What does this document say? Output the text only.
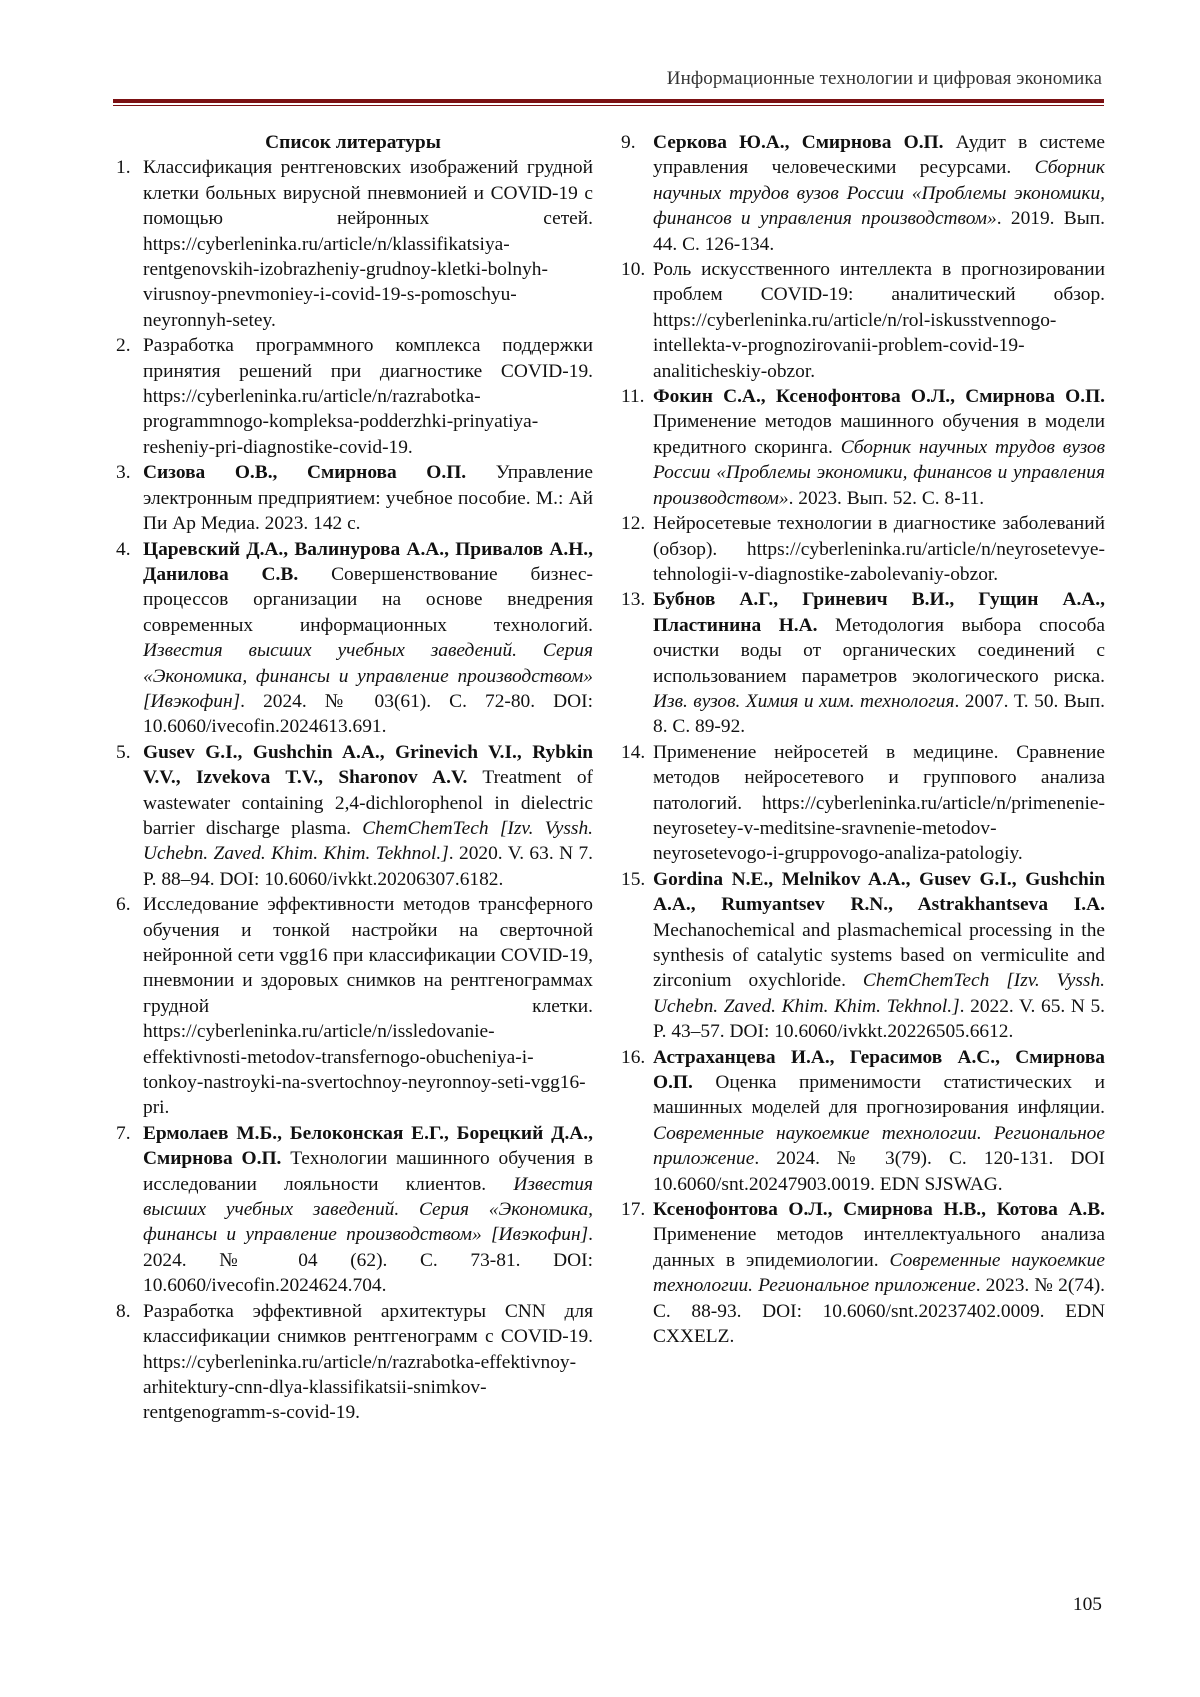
Информационные технологии и цифровая экономика
Список литературы
1. Классификация рентгеновских изображений грудной клетки больных вирусной пневмонией и COVID-19 с помощью нейронных сетей. https://cyberleninka.ru/article/n/klassifikatsiya-rentgenovskih-izobrazheniy-grudnoy-kletki-bolnyh-virusnoy-pnevmoniey-i-covid-19-s-pomoschyu-neyronnyh-setey.
2. Разработка программного комплекса поддержки принятия решений при диагностике COVID-19. https://cyberleninka.ru/article/n/razrabotka-programmnogo-kompleksa-podderzhki-prinyatiya-resheniy-pri-diagnostike-covid-19.
3. Сизова О.В., Смирнова О.П. Управление электронным предприятием: учебное пособие. М.: Ай Пи Ар Медиа. 2023. 142 с.
4. Царевский Д.А., Валинурова А.А., Привалов А.Н., Данилова С.В. Совершенствование бизнес-процессов организации на основе внедрения современных информационных технологий. Известия высших учебных заведений. Серия «Экономика, финансы и управление производством» [Ивэкофин]. 2024. № 03(61). С. 72-80. DOI: 10.6060/ivecofin.2024613.691.
5. Gusev G.I., Gushchin A.A., Grinevich V.I., Rybkin V.V., Izvekova T.V., Sharonov A.V. Treatment of wastewater containing 2,4-dichlorophenol in dielectric barrier discharge plasma. ChemChemTech [Izv. Vyssh. Uchebn. Zaved. Khim. Khim. Tekhnol.]. 2020. V. 63. N 7. P. 88–94. DOI: 10.6060/ivkkt.20206307.6182.
6. Исследование эффективности методов трансферного обучения и тонкой настройки на сверточной нейронной сети vgg16 при классификации COVID-19, пневмонии и здоровых снимков на рентгенограммах грудной клетки. https://cyberleninka.ru/article/n/issledovanie-effektivnosti-metodov-transfernogo-obucheniya-i-tonkoy-nastroyki-na-svertochnoy-neyronnoy-seti-vgg16-pri.
7. Ермолаев М.Б., Белоконская Е.Г., Борецкий Д.А., Смирнова О.П. Технологии машинного обучения в исследовании лояльности клиентов. Известия высших учебных заведений. Серия «Экономика, финансы и управление производством» [Ивэкофин]. 2024. № 04 (62). С. 73-81. DOI: 10.6060/ivecofin.2024624.704.
8. Разработка эффективной архитектуры CNN для классификации снимков рентгенограмм с COVID-19. https://cyberleninka.ru/article/n/razrabotka-effektivnoy-arhitektury-cnn-dlya-klassifikatsii-snimkov-rentgenogramm-s-covid-19.
9. Серкова Ю.А., Смирнова О.П. Аудит в системе управления человеческими ресурсами. Сборник научных трудов вузов России «Проблемы экономики, финансов и управления производством». 2019. Вып. 44. С. 126-134.
10. Роль искусственного интеллекта в прогнозировании проблем COVID-19: аналитический обзор. https://cyberleninka.ru/article/n/rol-iskusstvennogo-intellekta-v-prognozirovanii-problem-covid-19-analiticheskiy-obzor.
11. Фокин С.А., Ксенофонтова О.Л., Смирнова О.П. Применение методов машинного обучения в модели кредитного скоринга. Сборник научных трудов вузов России «Проблемы экономики, финансов и управления производством». 2023. Вып. 52. С. 8-11.
12. Нейросетевые технологии в диагностике заболеваний (обзор). https://cyberleninka.ru/article/n/neyrosetevye-tehnologii-v-diagnostike-zabolevaniy-obzor.
13. Бубнов А.Г., Гриневич В.И., Гущин А.А., Пластинина Н.А. Методология выбора способа очистки воды от органических соединений с использованием параметров экологического риска. Изв. вузов. Химия и хим. технология. 2007. Т. 50. Вып. 8. С. 89-92.
14. Применение нейросетей в медицине. Сравнение методов нейросетевого и группового анализа патологий. https://cyberleninka.ru/article/n/primenenie-neyrosetey-v-meditsine-sravnenie-metodov-neyrosetevogo-i-gruppovogo-analiza-patologiy.
15. Gordina N.E., Melnikov A.A., Gusev G.I., Gushchin A.A., Rumyantsev R.N., Astrakhantseva I.A. Mechanochemical and plasmachemical processing in the synthesis of catalytic systems based on vermiculite and zirconium oxychloride. ChemChemTech [Izv. Vyssh. Uchebn. Zaved. Khim. Khim. Tekhnol.]. 2022. V. 65. N 5. P. 43–57. DOI: 10.6060/ivkkt.20226505.6612.
16. Астраханцева И.А., Герасимов А.С., Смирнова О.П. Оценка применимости статистических и машинных моделей для прогнозирования инфляции. Современные наукоемкие технологии. Региональное приложение. 2024. № 3(79). С. 120-131. DOI 10.6060/snt.20247903.0019. EDN SJSWAG.
17. Ксенофонтова О.Л., Смирнова Н.В., Котова А.В. Применение методов интеллектуального анализа данных в эпидемиологии. Современные наукоемкие технологии. Региональное приложение. 2023. № 2(74). С. 88-93. DOI: 10.6060/snt.20237402.0009. EDN CXXELZ.
105
